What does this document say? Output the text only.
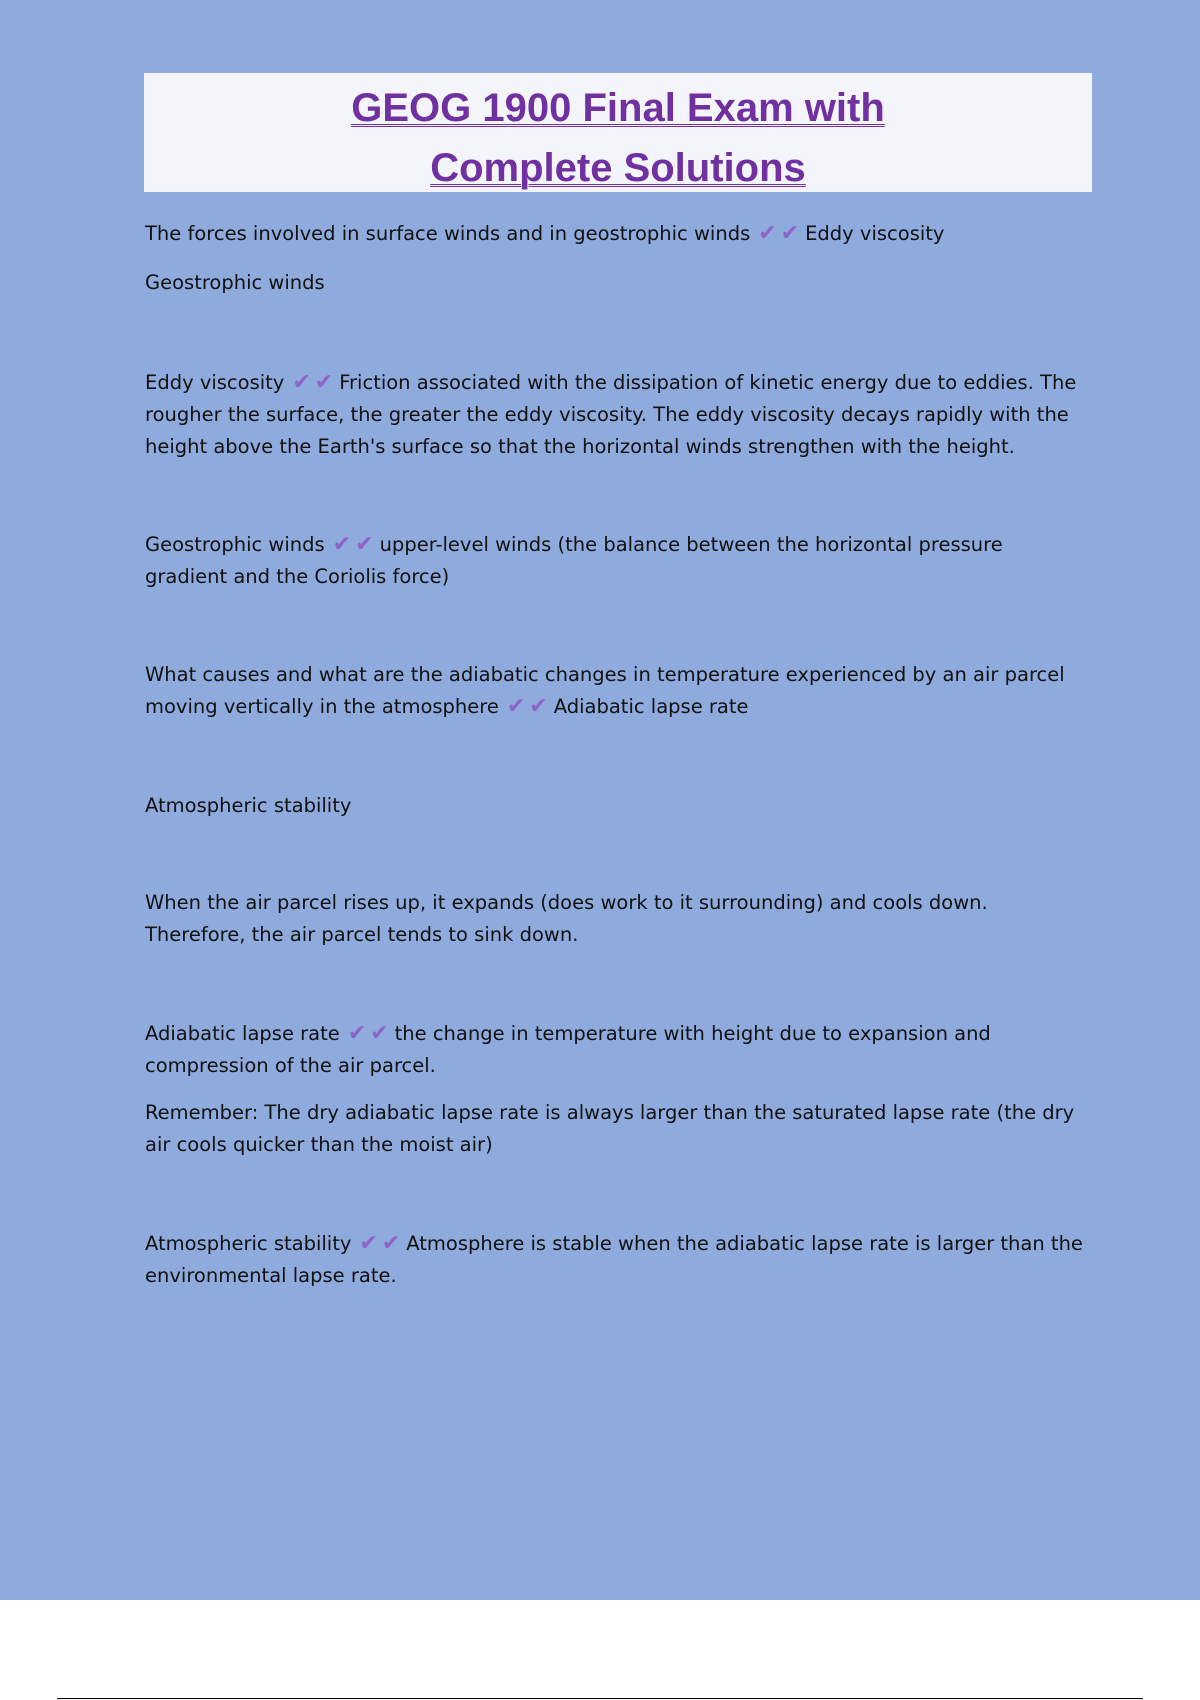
GEOG 1900 Final Exam with Complete Solutions

The forces involved in surface winds and in geostrophic winds ✔ ✔ Eddy viscosity

Geostrophic winds

Eddy viscosity ✔ ✔ Friction associated with the dissipation of kinetic energy due to eddies. The rougher the surface, the greater the eddy viscosity. The eddy viscosity decays rapidly with the height above the Earth's surface so that the horizontal winds strengthen with the height.

Geostrophic winds ✔ ✔ upper-level winds (the balance between the horizontal pressure gradient and the Coriolis force)

What causes and what are the adiabatic changes in temperature experienced by an air parcel moving vertically in the atmosphere ✔ ✔ Adiabatic lapse rate

Atmospheric stability

When the air parcel rises up, it expands (does work to it surrounding) and cools down. Therefore, the air parcel tends to sink down.

Adiabatic lapse rate ✔ ✔ the change in temperature with height due to expansion and compression of the air parcel.

Remember: The dry adiabatic lapse rate is always larger than the saturated lapse rate (the dry air cools quicker than the moist air)

Atmospheric stability ✔ ✔ Atmosphere is stable when the adiabatic lapse rate is larger than the environmental lapse rate.
